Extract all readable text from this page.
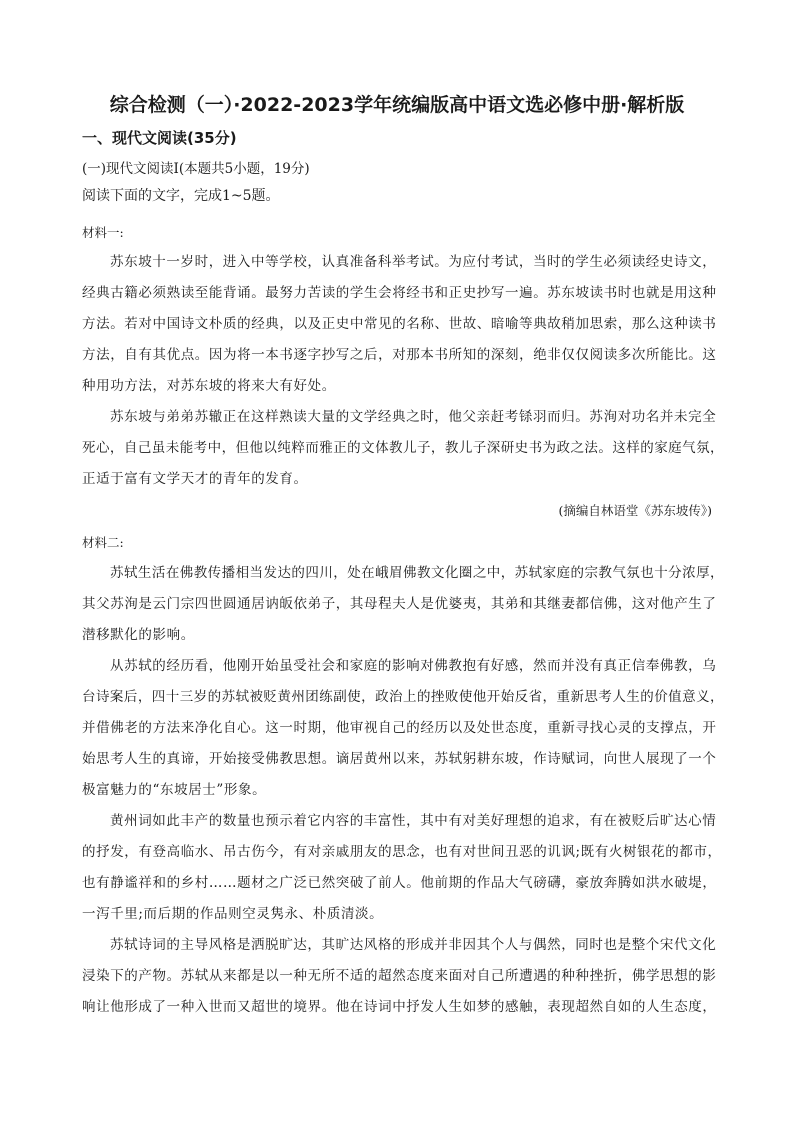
综合检测（一）·2022-2023学年统编版高中语文选必修中册·解析版
一、现代文阅读(35分)
(一)现代文阅读Ⅰ(本题共5小题，19分)
阅读下面的文字，完成1~5题。
材料一:
苏东坡十一岁时，进入中等学校，认真准备科举考试。为应付考试，当时的学生必须读经史诗文，
经典古籍必须熟读至能背诵。最努力苦读的学生会将经书和正史抄写一遍。苏东坡读书时也就是用这种
方法。若对中国诗文朴质的经典，以及正史中常见的名称、世故、暗喻等典故稍加思索，那么这种读书
方法，自有其优点。因为将一本书逐字抄写之后，对那本书所知的深刻，绝非仅仅阅读多次所能比。这
种用功方法，对苏东坡的将来大有好处。
苏东坡与弟弟苏辙正在这样熟读大量的文学经典之时，他父亲赶考铩羽而归。苏洵对功名并未完全
死心，自己虽未能考中，但他以纯粹而雅正的文体教儿子，教儿子深研史书为政之法。这样的家庭气氛，
正适于富有文学天才的青年的发育。
(摘编自林语堂《苏东坡传》)
材料二:
苏轼生活在佛教传播相当发达的四川，处在峨眉佛教文化圈之中，苏轼家庭的宗教气氛也十分浓厚，
其父苏洵是云门宗四世圆通居讷皈依弟子，其母程夫人是优婆夷，其弟和其继妻都信佛，这对他产生了
潜移默化的影响。
从苏轼的经历看，他刚开始虽受社会和家庭的影响对佛教抱有好感，然而并没有真正信奉佛教，乌
台诗案后，四十三岁的苏轼被贬黄州团练副使，政治上的挫败使他开始反省，重新思考人生的价值意义，
并借佛老的方法来净化自心。这一时期，他审视自己的经历以及处世态度，重新寻找心灵的支撑点，开
始思考人生的真谛，开始接受佛教思想。谪居黄州以来，苏轼躬耕东坡，作诗赋词，向世人展现了一个
极富魅力的“东坡居士”形象。
黄州词如此丰产的数量也预示着它内容的丰富性，其中有对美好理想的追求，有在被贬后旷达心情
的抒发，有登高临水、吊古伤今，有对亲戚朋友的思念，也有对世间丑恶的讥讽;既有火树银花的都市，
也有静谧祥和的乡村……题材之广泛已然突破了前人。他前期的作品大气磅礴，豪放奔腾如洪水破堤，
一泻千里;而后期的作品则空灵隽永、朴质清淡。
苏轼诗词的主导风格是洒脱旷达，其旷达风格的形成并非因其个人与偶然，同时也是整个宋代文化
浸染下的产物。苏轼从来都是以一种无所不适的超然态度来面对自己所遭遇的种种挫折，佛学思想的影
响让他形成了一种入世而又超世的境界。他在诗词中抒发人生如梦的感触，表现超然自如的人生态度，
